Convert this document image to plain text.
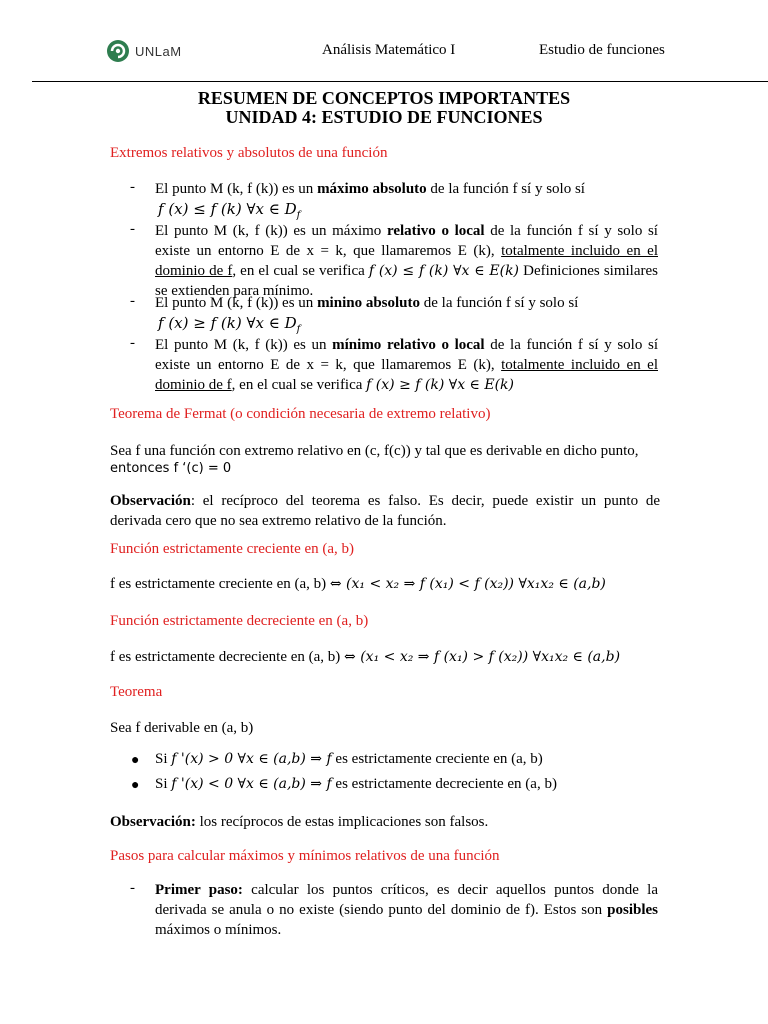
UNLaM	Análisis Matemático I	Estudio de funciones
RESUMEN DE CONCEPTOS IMPORTANTES
UNIDAD 4: ESTUDIO DE FUNCIONES
Extremos relativos y absolutos de una función
- El punto M (k, f (k)) es un máximo absoluto de la función f sí y solo sí
f (x) ≤ f (k) ∀x ∈ $D_f$
- El punto M (k, f (k)) es un máximo relativo o local de la función f sí y solo sí existe un entorno E de x = k, que llamaremos E (k), totalmente incluido en el dominio de f, en el cual se verifica f (x) ≤ f (k) ∀x ∈ E(k) Definiciones similares se extienden para mínimo.
- El punto M (k, f (k)) es un minino absoluto de la función f sí y solo sí
f (x) ≥ f (k) ∀x ∈ $D_f$
- El punto M (k, f (k)) es un mínimo relativo o local de la función f sí y solo sí existe un entorno E de x = k, que llamaremos E (k), totalmente incluido en el dominio de f, en el cual se verifica f (x) ≥ f (k) ∀x ∈ E(k)
Teorema de Fermat (o condición necesaria de extremo relativo)
Sea f una función con extremo relativo en (c, f(c)) y tal que es derivable en dicho punto,
entonces f ‘(c) = 0
Observación: el recíproco del teorema es falso. Es decir, puede existir un punto de derivada cero que no sea extremo relativo de la función.
Función estrictamente creciente en (a, b)
f es estrictamente creciente en (a, b) ⇔ (x₁ < x₂ ⇒ f (x₁) < f (x₂)) ∀x₁x₂ ∈ (a,b)
Función estrictamente decreciente en (a, b)
f es estrictamente decreciente en (a, b) ⇔ (x₁ < x₂ ⇒ f (x₁) > f (x₂)) ∀x₁x₂ ∈ (a,b)
Teorema
Sea f derivable en (a, b)
● Si f '(x) > 0 ∀x ∈ (a,b) ⇒ f es estrictamente creciente en (a, b)
● Si f '(x) < 0 ∀x ∈ (a,b) ⇒ f es estrictamente decreciente en (a, b)
Observación: los recíprocos de estas implicaciones son falsos.
Pasos para calcular máximos y mínimos relativos de una función
- Primer paso: calcular los puntos críticos, es decir aquellos puntos donde la derivada se anula o no existe (siendo punto del dominio de f). Estos son posibles máximos o mínimos.
